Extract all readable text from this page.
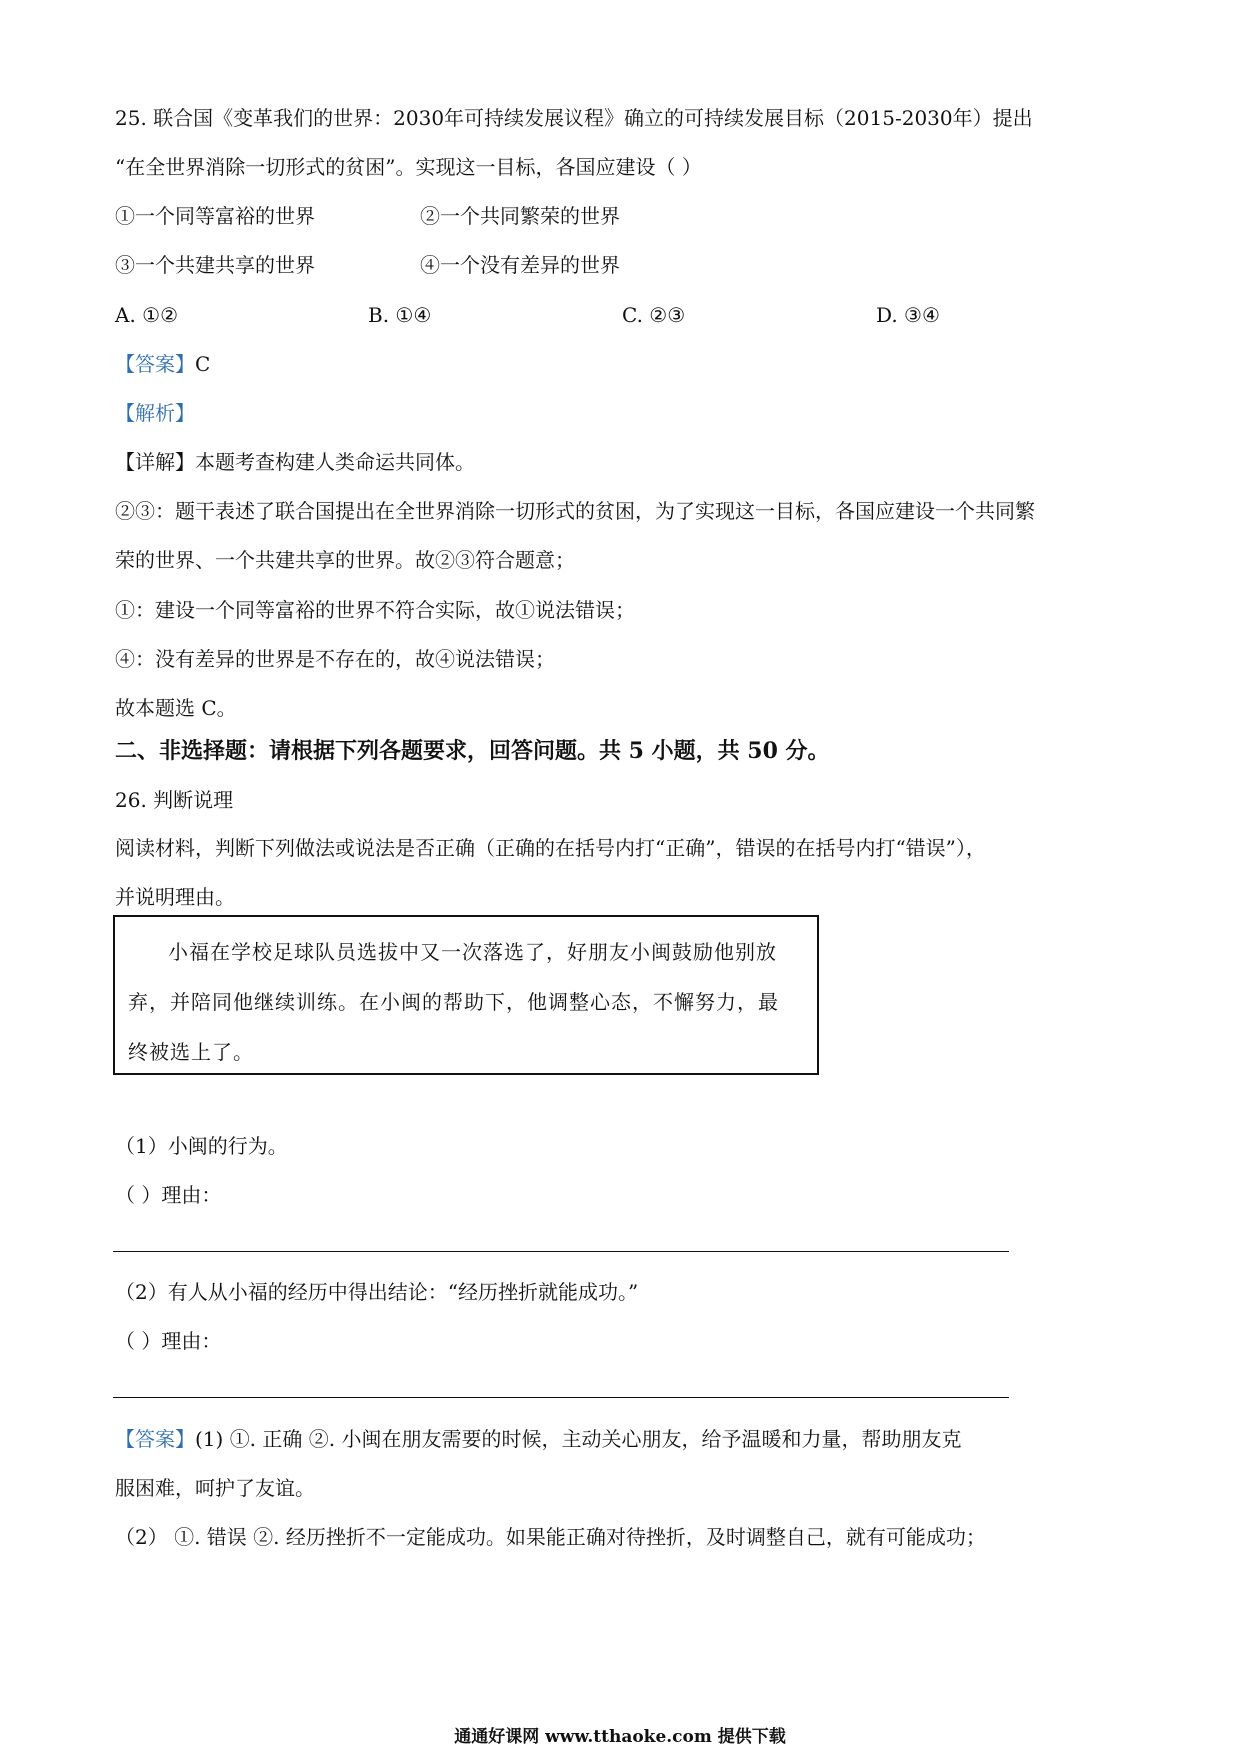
25. 联合国《变革我们的世界：2030年可持续发展议程》确立的可持续发展目标（2015-2030年）提出
“在全世界消除一切形式的贫困”。实现这一目标，各国应建设（ ）
①一个同等富裕的世界	②一个共同繁荣的世界
③一个共建共享的世界	④一个没有差异的世界
A. ①②	B. ①④	C. ②③	D. ③④
【答案】C
【解析】
【详解】本题考查构建人类命运共同体。
②③：题干表述了联合国提出在全世界消除一切形式的贫困，为了实现这一目标，各国应建设一个共同繁
荣的世界、一个共建共享的世界。故②③符合题意；
①：建设一个同等富裕的世界不符合实际，故①说法错误；
④：没有差异的世界是不存在的，故④说法错误；
故本题选 C。
二、非选择题：请根据下列各题要求，回答问题。共 5 小题，共 50 分。
26. 判断说理
阅读材料，判断下列做法或说法是否正确（正确的在括号内打“正确”，错误的在括号内打“错误”），
并说明理由。
小福在学校足球队员选拔中又一次落选了，好朋友小闽鼓励他别放
弃，并陪同他继续训练。在小闽的帮助下，他调整心态，不懈努力，最
终被选上了。
（1）小闽的行为。
（ ）理由：
（2）有人从小福的经历中得出结论：“经历挫折就能成功。”
（ ）理由：
【答案】(1) ①. 正确 ②. 小闽在朋友需要的时候，主动关心朋友，给予温暖和力量，帮助朋友克
服困难，呵护了友谊。
（2） ①. 错误 ②. 经历挫折不一定能成功。如果能正确对待挫折，及时调整自己，就有可能成功；
通通好课网 www.tthaoke.com 提供下载
